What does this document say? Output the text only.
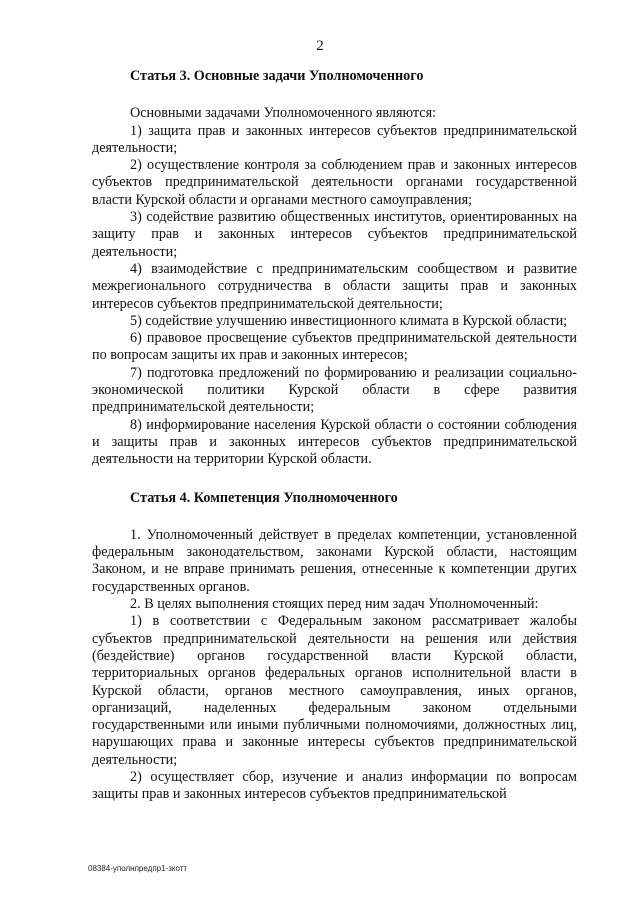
2
Статья 3. Основные задачи Уполномоченного

Основными задачами Уполномоченного являются:

1) защита прав и законных интересов субъектов предпринимательской деятельности;

2) осуществление контроля за соблюдением прав и законных интересов субъектов предпринимательской деятельности органами государственной власти Курской области и органами местного самоуправления;

3) содействие развитию общественных институтов, ориентированных на защиту прав и законных интересов субъектов предпринимательской деятельности;

4) взаимодействие с предпринимательским сообществом и развитие межрегионального сотрудничества в области защиты прав и законных интересов субъектов предпринимательской деятельности;

5) содействие улучшению инвестиционного климата в Курской области;

6) правовое просвещение субъектов предпринимательской деятельности по вопросам защиты их прав и законных интересов;

7) подготовка предложений по формированию и реализации социально-экономической политики Курской области в сфере развития предпринимательской деятельности;

8) информирование населения Курской области о состоянии соблюдения и защиты прав и законных интересов субъектов предпринимательской деятельности на территории Курской области.

Статья 4. Компетенция Уполномоченного

1. Уполномоченный действует в пределах компетенции, установленной федеральным законодательством, законами Курской области, настоящим Законом, и не вправе принимать решения, отнесенные к компетенции других государственных органов.

2. В целях выполнения стоящих перед ним задач Уполномоченный:

1) в соответствии с Федеральным законом рассматривает жалобы субъектов предпринимательской деятельности на решения или действия (бездействие) органов государственной власти Курской области, территориальных органов федеральных органов исполнительной власти в Курской области, органов местного самоуправления, иных органов, организаций, наделенных федеральным законом отдельными государственными или иными публичными полномочиями, должностных лиц, нарушающих права и законные интересы субъектов предпринимательской деятельности;

2) осуществляет сбор, изучение и анализ информации по вопросам защиты прав и законных интересов субъектов предпринимательской

08384-уполнпредпр1-зкотт
